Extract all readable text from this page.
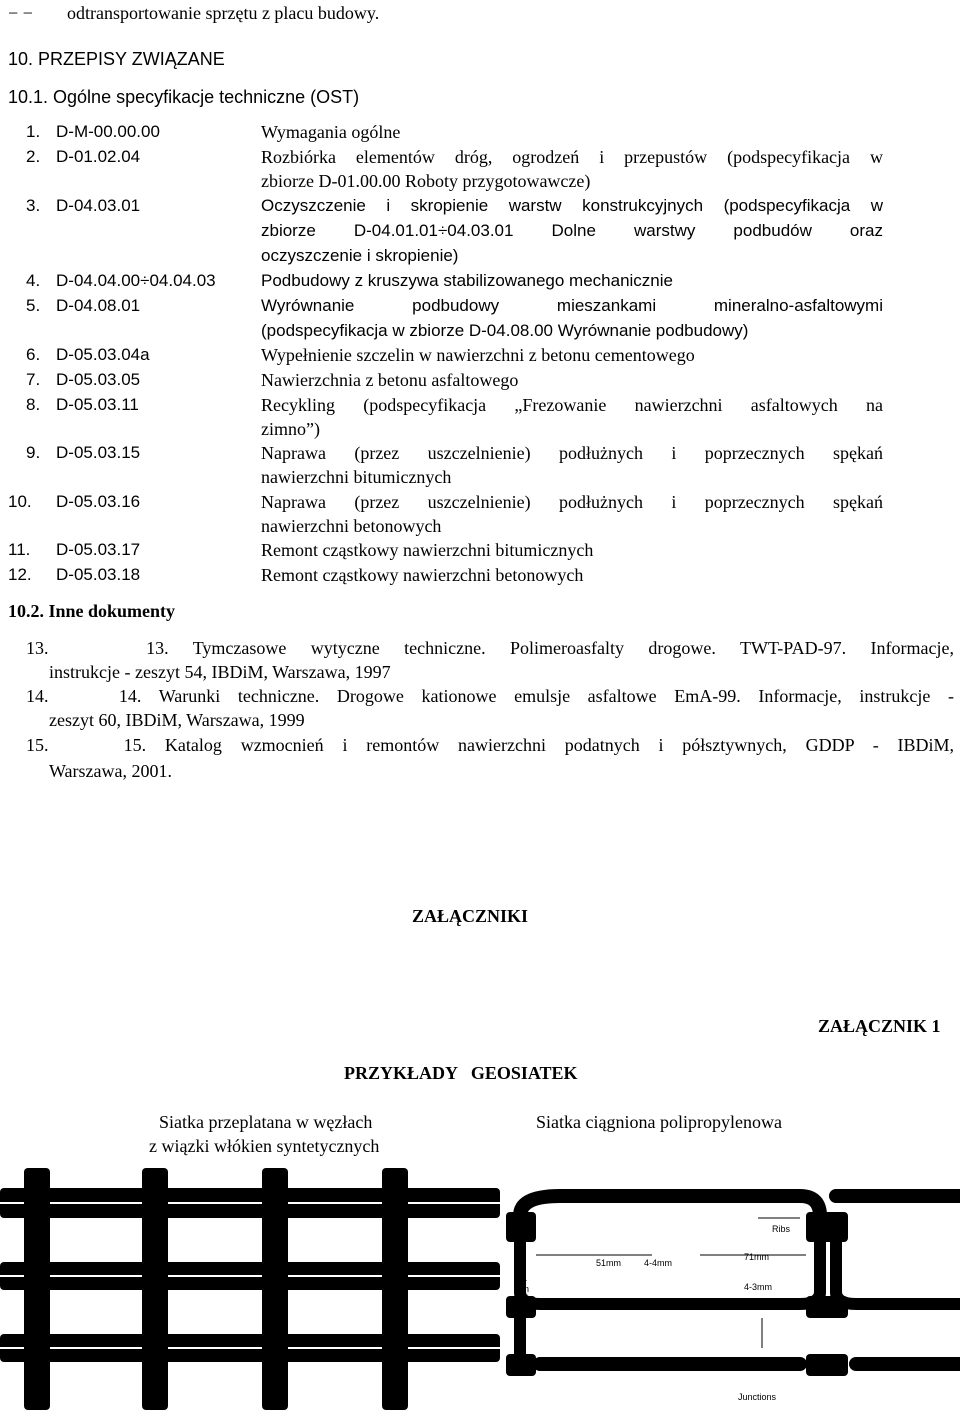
− − odtransportowanie sprzętu z placu budowy.
10. PRZEPISY ZWIĄZANE
10.1. Ogólne specyfikacje techniczne (OST)
1. D-M-00.00.00	Wymagania ogólne
2. D-01.02.04	Rozbiórka elementów dróg, ogrodzeń i przepustów (podspecyfikacja w
zbiorze D-01.00.00 Roboty przygotowawcze)
3. D-04.03.01	Oczyszczenie i skropienie warstw konstrukcyjnych (podspecyfikacja w
zbiorze D-04.01.01÷04.03.01 Dolne warstwy podbudów oraz
oczyszczenie i skropienie)
4. D-04.04.00÷04.04.03	Podbudowy z kruszywa stabilizowanego mechanicznie
5. D-04.08.01	Wyrównanie podbudowy mieszankami mineralno-asfaltowymi
(podspecyfikacja w zbiorze D-04.08.00 Wyrównanie podbudowy)
6. D-05.03.04a	Wypełnienie szczelin w nawierzchni z betonu cementowego
7. D-05.03.05	Nawierzchnia z betonu asfaltowego
8. D-05.03.11	Recykling (podspecyfikacja „Frezowanie nawierzchni asfaltowych na
zimno”)
9. D-05.03.15	Naprawa (przez uszczelnienie) podłużnych i poprzecznych spękań
nawierzchni bitumicznych
10. D-05.03.16	Naprawa (przez uszczelnienie) podłużnych i poprzecznych spękań
nawierzchni betonowych
11. D-05.03.17	Remont cząstkowy nawierzchni bitumicznych
12. D-05.03.18	Remont cząstkowy nawierzchni betonowych
10.2. Inne dokumenty
13.    13. Tymczasowe wytyczne techniczne. Polimeroasfalty drogowe. TWT-PAD-97. Informacje,
instrukcje - zeszyt 54, IBDiM, Warszawa, 1997
14.    14. Warunki techniczne. Drogowe kationowe emulsje asfaltowe EmA-99. Informacje, instrukcje -
zeszyt 60, IBDiM, Warszawa, 1999
15.    15. Katalog wzmocnień i remontów nawierzchni podatnych i półsztywnych, GDDP - IBDiM,
Warszawa, 2001.
ZAŁĄCZNIKI
ZAŁĄCZNIK 1
PRZYKŁADY   GEOSIATEK
Siatka przeplatana w węzłach
z wiązki włókien syntetycznych
Siatka ciągniona polipropylenowa
1.1
mm
Ribs
51mm	4-4mm
71mm
4-3mm
4-4
mm
Junctions
